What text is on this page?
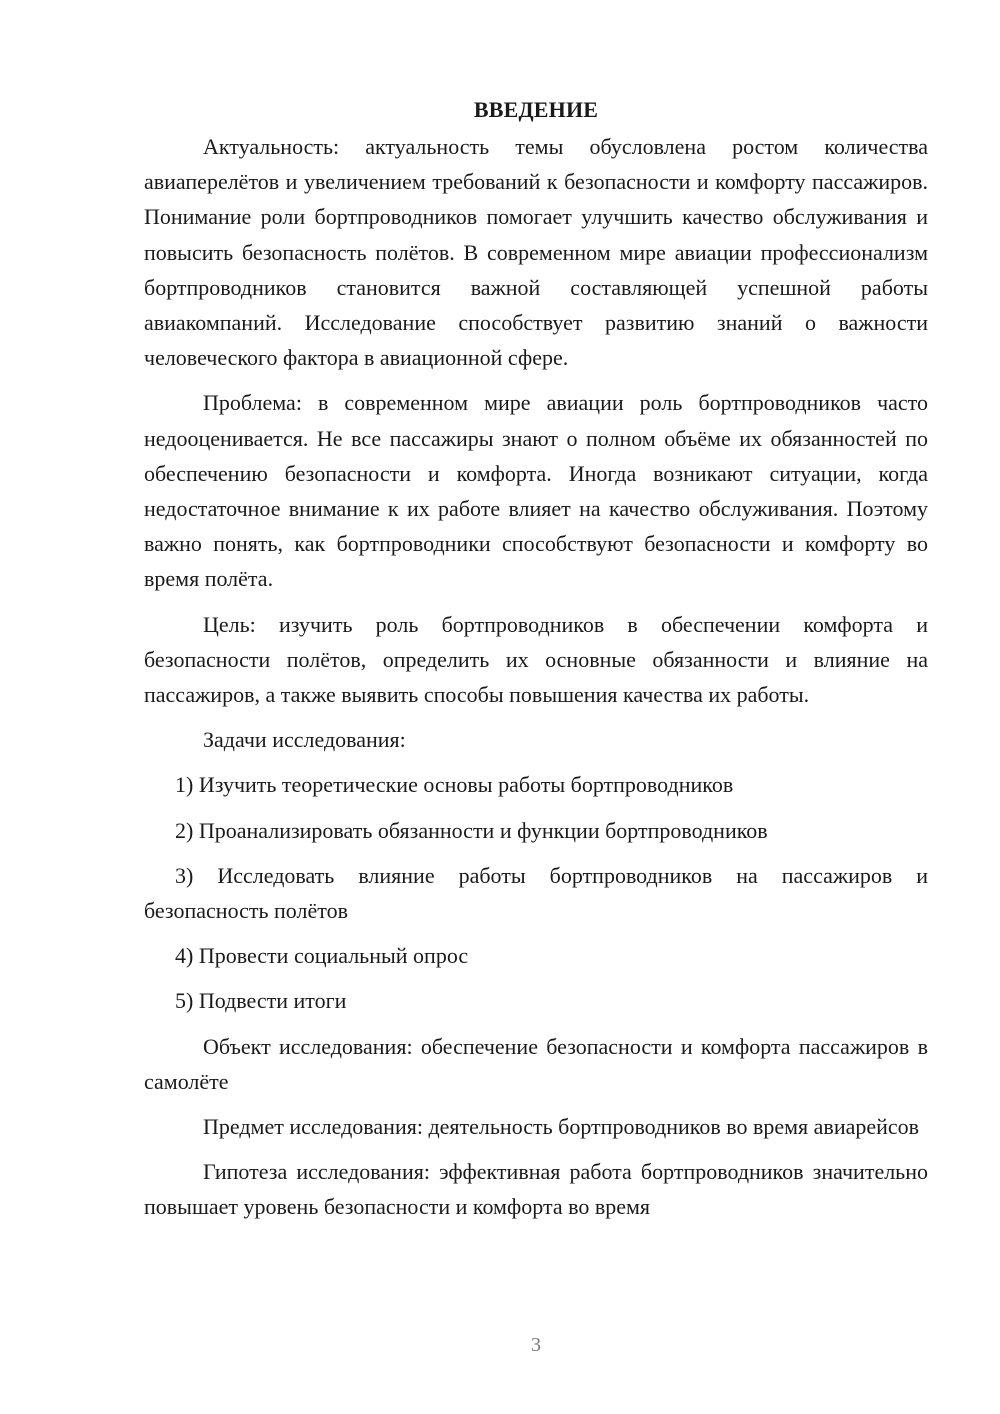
ВВЕДЕНИЕ

Актуальность: актуальность темы обусловлена ростом количества авиаперелётов и увеличением требований к безопасности и комфорту пассажиров. Понимание роли бортпроводников помогает улучшить качество обслуживания и повысить безопасность полётов. В современном мире авиации профессионализм бортпроводников становится важной составляющей успешной работы авиакомпаний. Исследование способствует развитию знаний о важности человеческого фактора в авиационной сфере.

Проблема: в современном мире авиации роль бортпроводников часто недооценивается. Не все пассажиры знают о полном объёме их обязанностей по обеспечению безопасности и комфорта. Иногда возникают ситуации, когда недостаточное внимание к их работе влияет на качество обслуживания. Поэтому важно понять, как бортпроводники способствуют безопасности и комфорту во время полёта.

Цель: изучить роль бортпроводников в обеспечении комфорта и безопасности полётов, определить их основные обязанности и влияние на пассажиров, а также выявить способы повышения качества их работы.

Задачи исследования:

1) Изучить теоретические основы работы бортпроводников

2) Проанализировать обязанности и функции бортпроводников

3) Исследовать влияние работы бортпроводников на пассажиров и безопасность полётов

4) Провести социальный опрос

5) Подвести итоги

Объект исследования: обеспечение безопасности и комфорта пассажиров в самолёте

Предмет исследования: деятельность бортпроводников во время авиарейсов

Гипотеза исследования: эффективная работа бортпроводников значительно повышает уровень безопасности и комфорта во время

3
